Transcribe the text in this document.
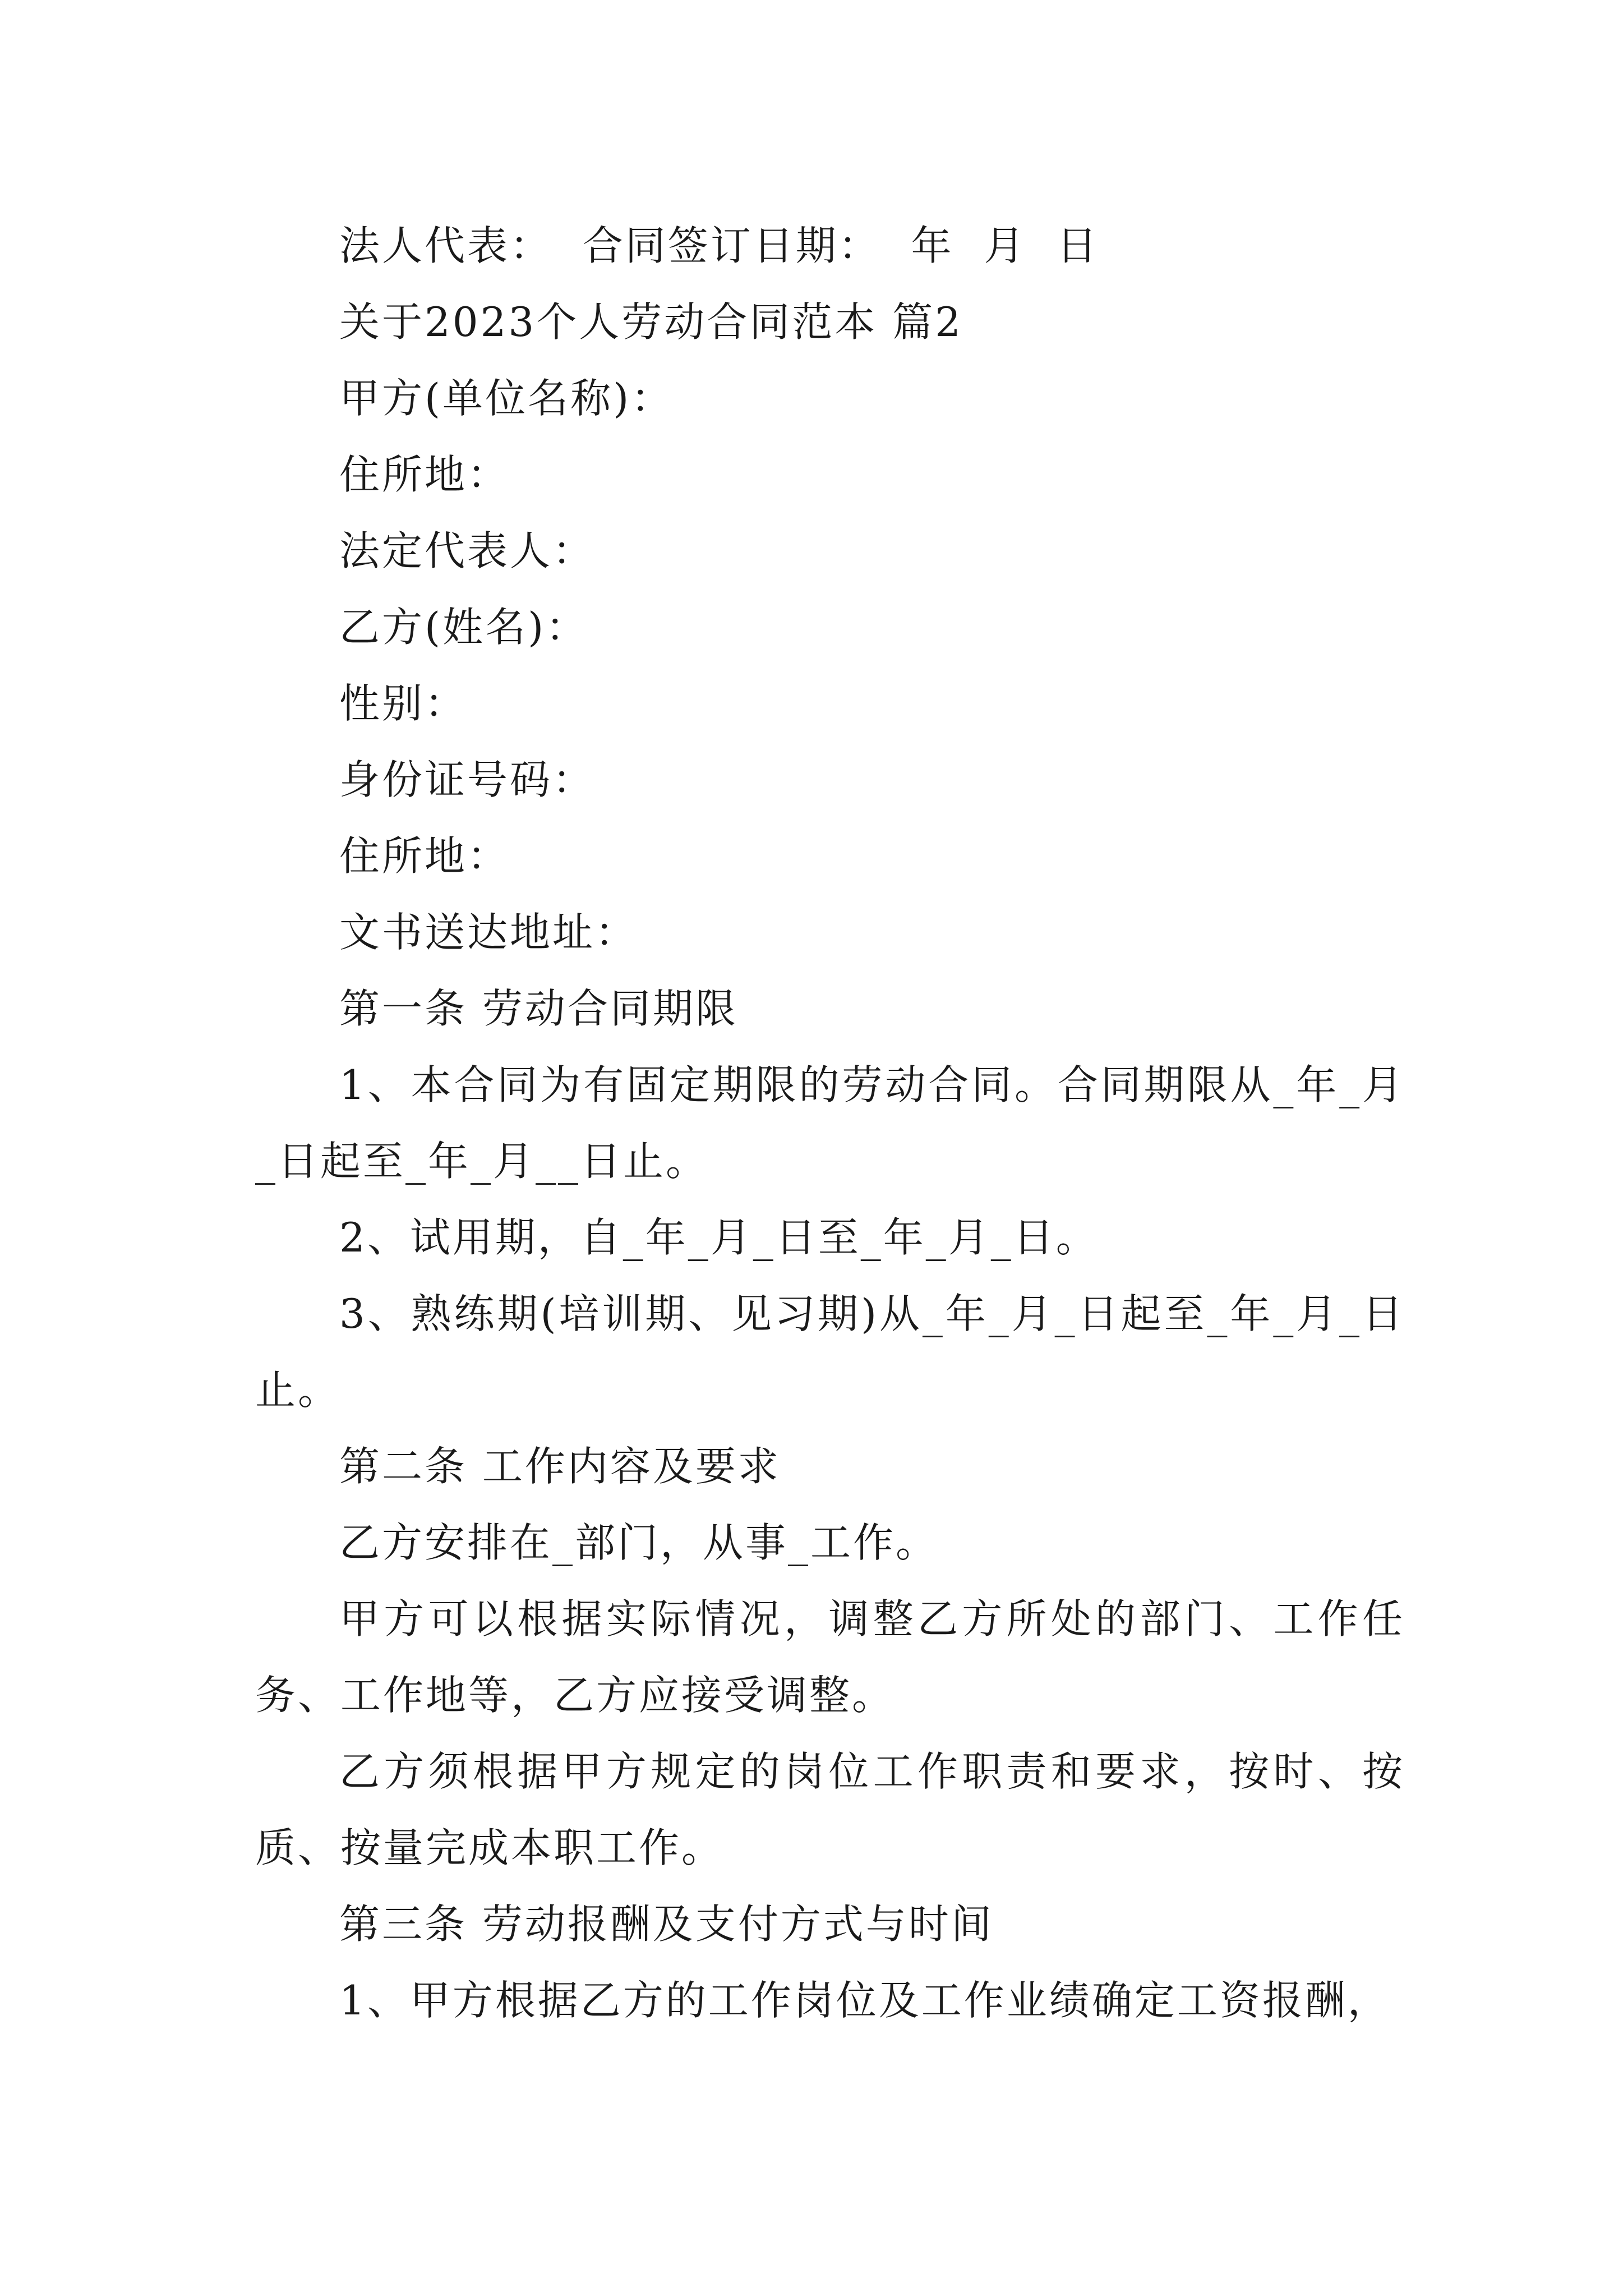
法人代表：  合同签订日期：  年  月  日

关于2023个人劳动合同范本 篇2

甲方(单位名称)：

住所地：

法定代表人：

乙方(姓名)：

性别：

身份证号码：

住所地：

文书送达地址：

第一条 劳动合同期限

1、本合同为有固定期限的劳动合同。合同期限从_年_月_日起至_年_月__日止。

2、试用期，自_年_月_日至_年_月_日。

3、熟练期(培训期、见习期)从_年_月_日起至_年_月_日止。

第二条 工作内容及要求

乙方安排在_部门，从事_工作。

甲方可以根据实际情况，调整乙方所处的部门、工作任务、工作地等，乙方应接受调整。

乙方须根据甲方规定的岗位工作职责和要求，按时、按质、按量完成本职工作。

第三条 劳动报酬及支付方式与时间

1、甲方根据乙方的工作岗位及工作业绩确定工资报酬，
